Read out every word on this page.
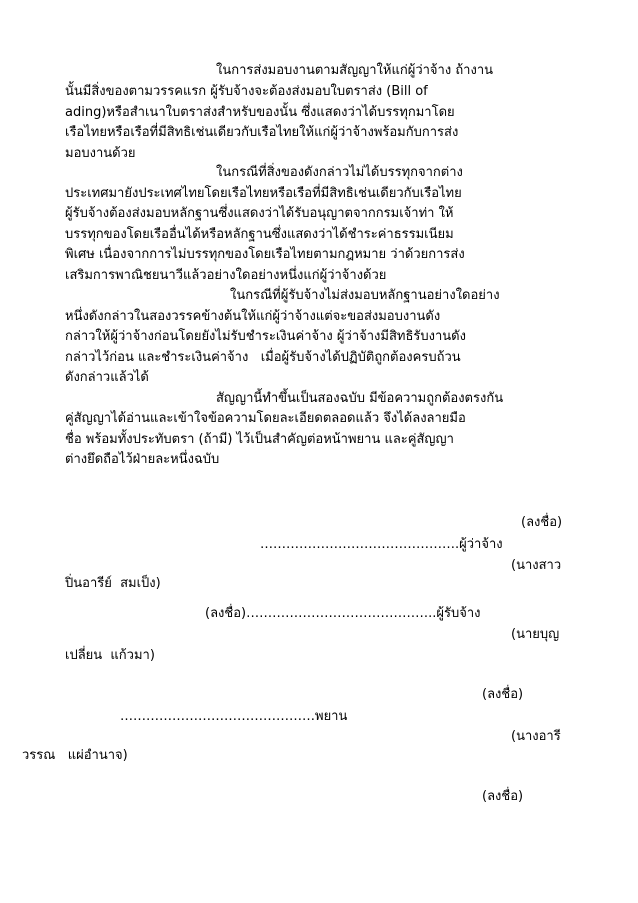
ในการส่งมอบงานตามสัญญาให้แก่ผู้ว่าจ้าง ถ้างาน
นั้นมีสิ่งของตามวรรคแรก ผู้รับจ้างจะต้องส่งมอบใบตราส่ง (Bill of
ading)หรือสำเนาใบตราส่งสำหรับของนั้น ซึ่งแสดงว่าได้บรรทุกมาโดย
เรือไทยหรือเรือที่มีสิทธิเช่นเดียวกับเรือไทยให้แก่ผู้ว่าจ้างพร้อมกับการส่ง
มอบงานด้วย
ในกรณีที่สิ่งของดังกล่าวไม่ได้บรรทุกจากต่าง
ประเทศมายังประเทศไทยโดยเรือไทยหรือเรือที่มีสิทธิเช่นเดียวกับเรือไทย
ผู้รับจ้างต้องส่งมอบหลักฐานซึ่งแสดงว่าได้รับอนุญาตจากกรมเจ้าท่า ให้
บรรทุกของโดยเรืออื่นได้หรือหลักฐานซึ่งแสดงว่าได้ชำระค่าธรรมเนียม
พิเศษ เนื่องจากการไม่บรรทุกของโดยเรือไทยตามกฎหมาย ว่าด้วยการส่ง
เสริมการพาณิชยนาวีแล้วอย่างใดอย่างหนึ่งแก่ผู้ว่าจ้างด้วย
ในกรณีที่ผู้รับจ้างไม่ส่งมอบหลักฐานอย่างใดอย่าง
หนึ่งดังกล่าวในสองวรรคข้างต้นให้แก่ผู้ว่าจ้างแต่จะขอส่งมอบงานดัง
กล่าวให้ผู้ว่าจ้างก่อนโดยยังไม่รับชำระเงินค่าจ้าง ผู้ว่าจ้างมีสิทธิรับงานดัง
กล่าวไว้ก่อน และชำระเงินค่าจ้าง   เมื่อผู้รับจ้างได้ปฏิบัติถูกต้องครบถ้วน
ดังกล่าวแล้วได้
สัญญานี้ทำขึ้นเป็นสองฉบับ มีข้อความถูกต้องตรงกัน
คู่สัญญาได้อ่านและเข้าใจข้อความโดยละเอียดตลอดแล้ว จึงได้ลงลายมือ
ชื่อ พร้อมทั้งประทับตรา (ถ้ามี) ไว้เป็นสำคัญต่อหน้าพยาน และคู่สัญญา
ต่างยึดถือไว้ฝ่ายละหนึ่งฉบับ
(ลงชื่อ)
……………………………………….ผู้ว่าจ้าง
(นางสาว
ปิ่นอารีย์  สมเป็ง)
(ลงชื่อ)……………………………………..ผู้รับจ้าง
(นายบุญ
เปลี่ยน  แก้วมา)
(ลงชื่อ)
………………………………………พยาน
(นางอารี
วรรณ   แผ่อำนาจ)
(ลงชื่อ)
